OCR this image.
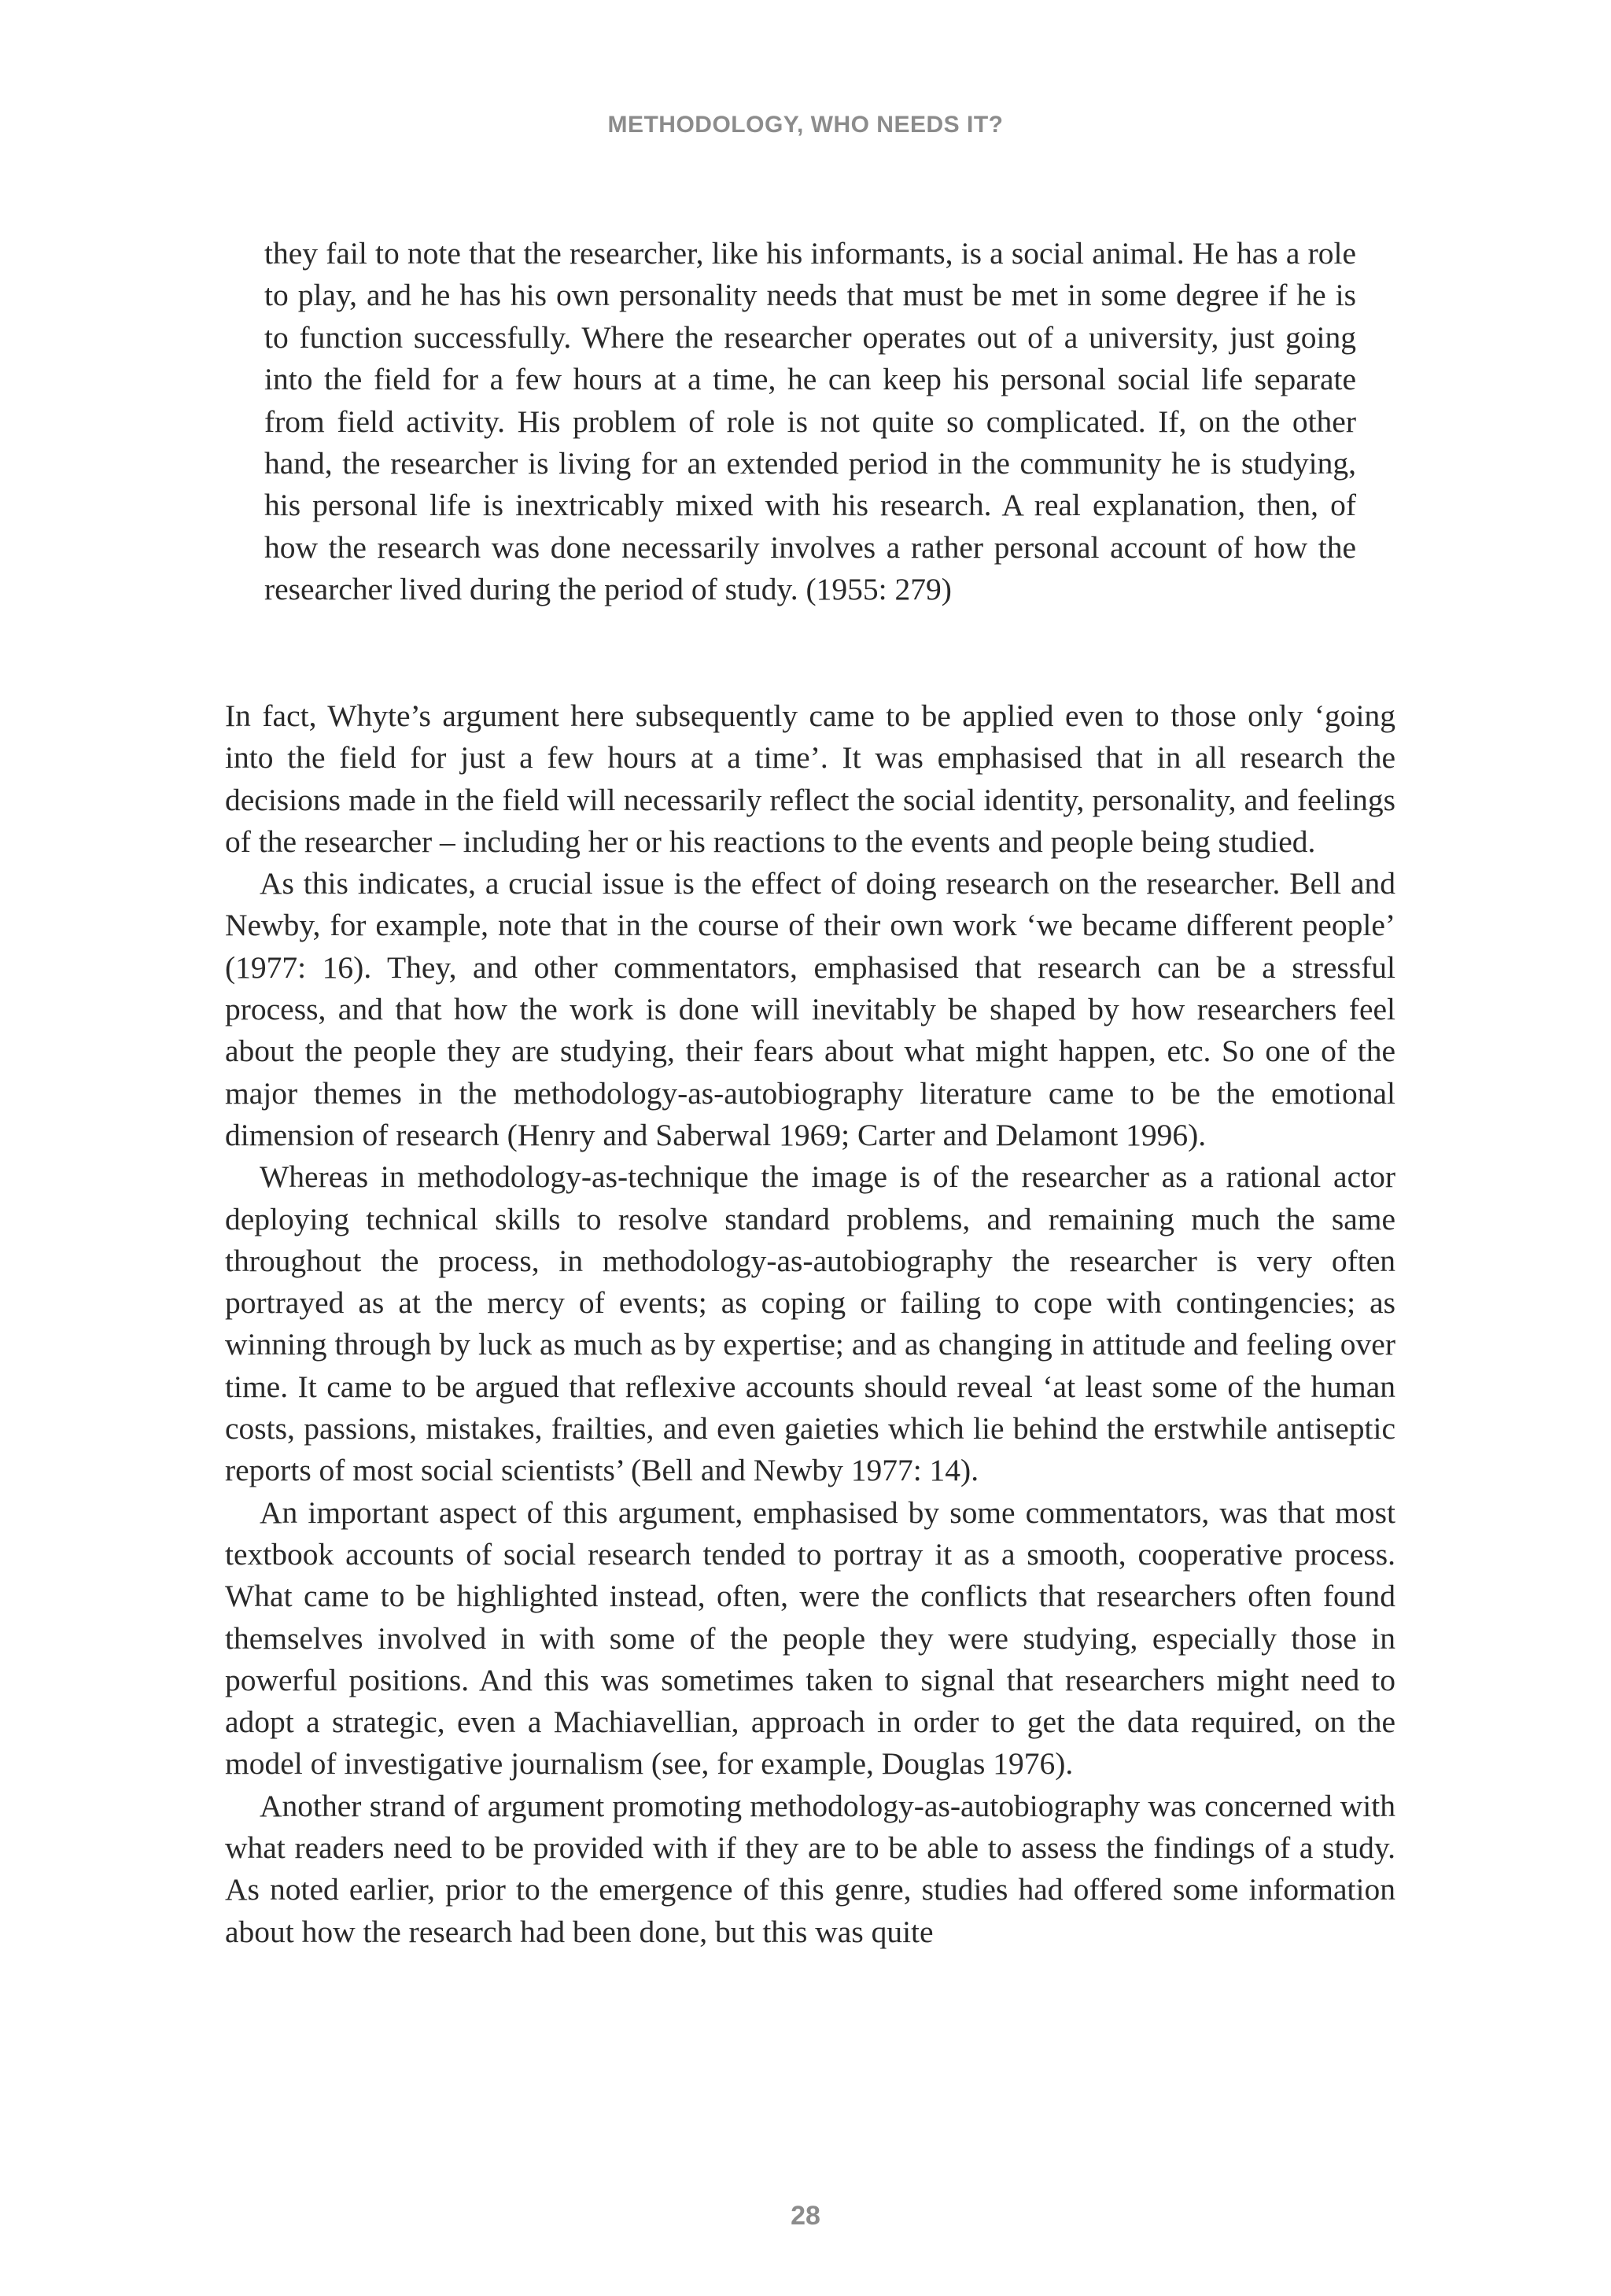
METHODOLOGY, WHO NEEDS IT?

they fail to note that the researcher, like his informants, is a social animal. He has a role to play, and he has his own personality needs that must be met in some degree if he is to function successfully. Where the researcher operates out of a university, just going into the field for a few hours at a time, he can keep his personal social life separate from field activity. His problem of role is not quite so complicated. If, on the other hand, the researcher is living for an extended period in the community he is studying, his personal life is inextricably mixed with his research. A real explanation, then, of how the research was done necessarily involves a rather personal account of how the researcher lived during the period of study. (1955: 279)

In fact, Whyte’s argument here subsequently came to be applied even to those only ‘going into the field for just a few hours at a time’. It was emphasised that in all research the decisions made in the field will necessarily reflect the social identity, personality, and feelings of the researcher – including her or his reactions to the events and people being studied.

As this indicates, a crucial issue is the effect of doing research on the researcher. Bell and Newby, for example, note that in the course of their own work ‘we became different people’ (1977: 16). They, and other commentators, emphasised that research can be a stressful process, and that how the work is done will inevitably be shaped by how researchers feel about the people they are studying, their fears about what might happen, etc. So one of the major themes in the methodology-as-autobiography literature came to be the emotional dimension of research (Henry and Saberwal 1969; Carter and Delamont 1996).

Whereas in methodology-as-technique the image is of the researcher as a rational actor deploying technical skills to resolve standard problems, and remaining much the same throughout the process, in methodology-as-autobiography the researcher is very often portrayed as at the mercy of events; as coping or failing to cope with contingencies; as winning through by luck as much as by expertise; and as changing in attitude and feeling over time. It came to be argued that reflexive accounts should reveal ‘at least some of the human costs, passions, mistakes, frailties, and even gaieties which lie behind the erstwhile antiseptic reports of most social scientists’ (Bell and Newby 1977: 14).

An important aspect of this argument, emphasised by some commentators, was that most textbook accounts of social research tended to portray it as a smooth, cooperative process. What came to be highlighted instead, often, were the conflicts that researchers often found themselves involved in with some of the people they were studying, especially those in powerful positions. And this was sometimes taken to signal that researchers might need to adopt a strategic, even a Machiavellian, approach in order to get the data required, on the model of investigative journalism (see, for example, Douglas 1976).

Another strand of argument promoting methodology-as-autobiography was concerned with what readers need to be provided with if they are to be able to assess the findings of a study. As noted earlier, prior to the emergence of this genre, studies had offered some information about how the research had been done, but this was quite

28
